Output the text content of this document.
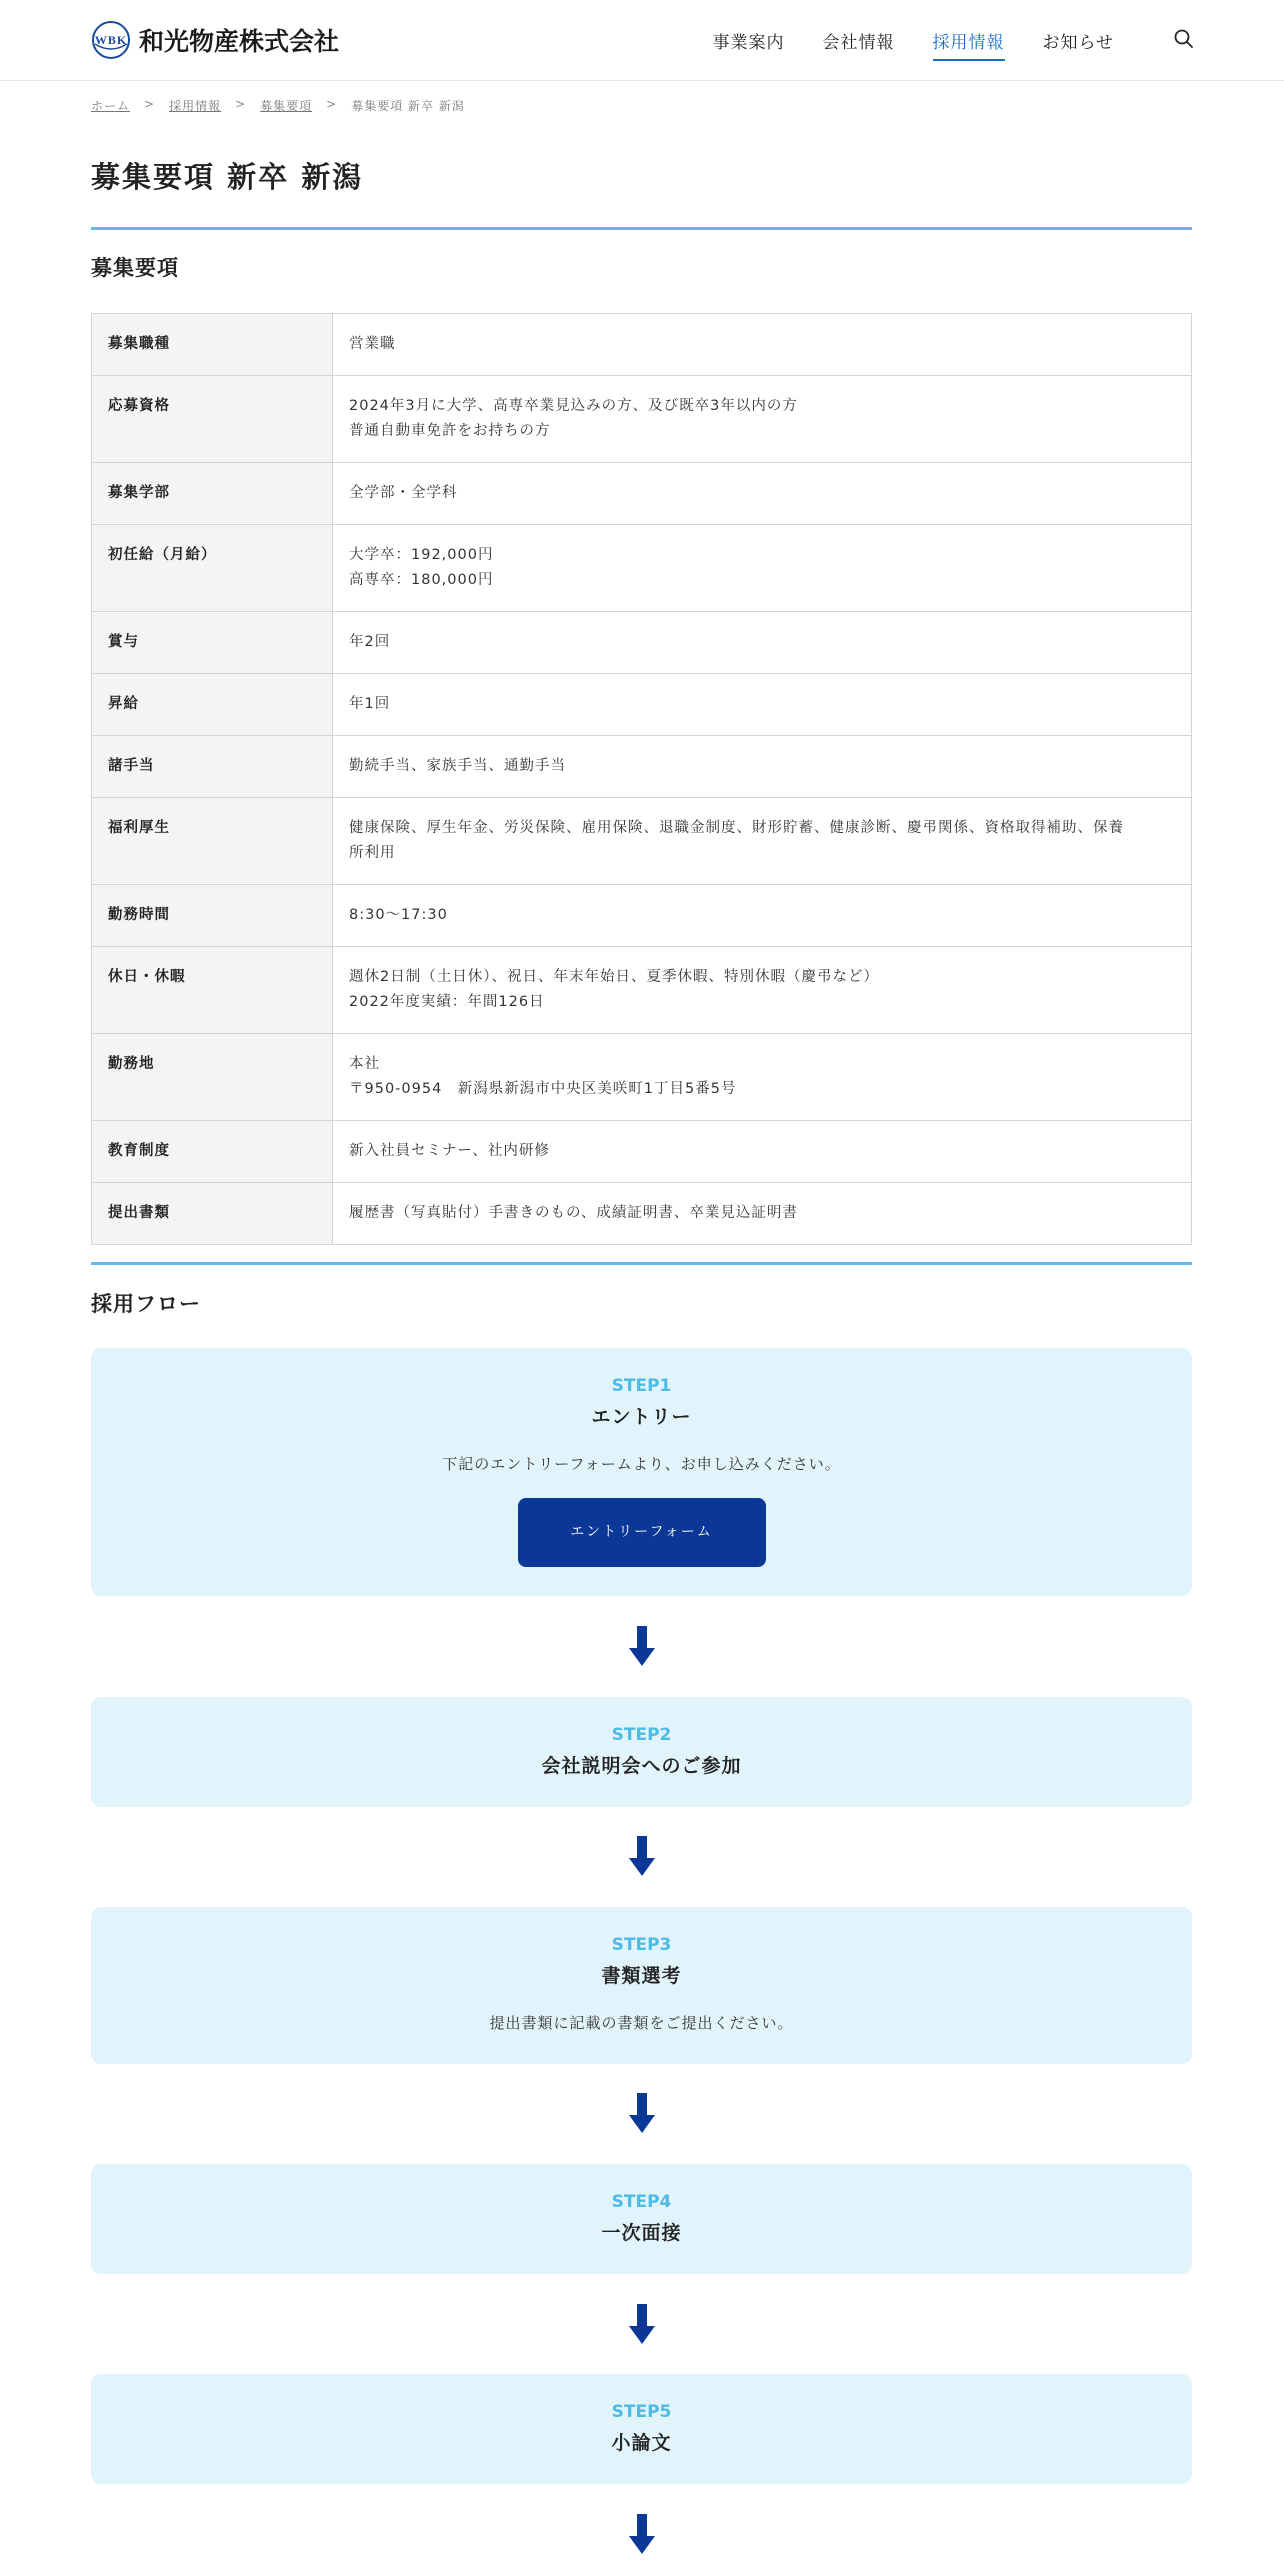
WBK 和光物産株式会社	事業案内 会社情報 採用情報 お知らせ
ホーム > 採用情報 > 募集要項 > 募集要項 新卒 新潟
募集要項 新卒 新潟
募集要項
募集職種	営業職

応募資格	2024年3月に大学、高専卒業見込みの方、及び既卒3年以内の方
普通自動車免許をお持ちの方

募集学部	全学部・全学科

初任給（月給）	大学卒：192,000円
高専卒：180,000円

賞与	年2回

昇給	年1回

諸手当	勤続手当、家族手当、通勤手当

福利厚生	健康保険、厚生年金、労災保険、雇用保険、退職金制度、財形貯蓄、健康診断、慶弔関係、資格取得補助、保養
所利用

勤務時間	8:30〜17:30

休日・休暇	週休2日制（土日休）、祝日、年末年始日、夏季休暇、特別休暇（慶弔など）
2022年度実績：年間126日

勤務地	本社
〒950-0954　新潟県新潟市中央区美咲町1丁目5番5号

教育制度	新入社員セミナー、社内研修

提出書類	履歴書（写真貼付）手書きのもの、成績証明書、卒業見込証明書
採用フロー
STEP1
エントリー
下記のエントリーフォームより、お申し込みください。
エントリーフォーム
STEP2
会社説明会へのご参加
STEP3
書類選考
提出書類に記載の書類をご提出ください。
STEP4
一次面接
STEP5
小論文
